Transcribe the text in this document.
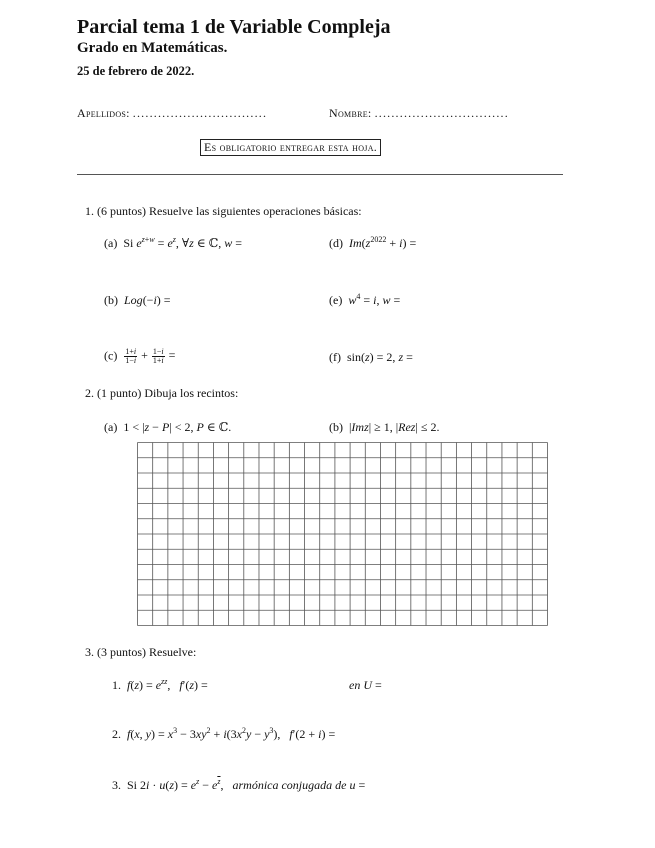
Parcial tema 1 de Variable Compleja
Grado en Matemáticas.
25 de febrero de 2022.
Apellidos: ................................	Nombre: ................................
Es obligatorio entregar esta hoja.
1. (6 puntos) Resuelve las siguientes operaciones básicas:
(a) Si $e^{z+w} = e^z$, ∀z ∈ ℂ, w =	(d) $Im(z^{2022} + i)$ =
(b) Log(−i) =	(e) $w^4 = i$, w =
$(c) \frac{1+i}{1-i} + \frac{1-i}{1+i}$ =	(f) sin(z) = 2, z =
2. (1 punto) Dibuja los recintos:
(a) 1 < |z − P| < 2, P ∈ ℂ.	(b) |Imz| ≥ 1, |Rez| ≤ 2.
3. (3 puntos) Resuelve:
1. $f(z) = e^{zz}$,   f′(z) =	en U =
2. f(x, $y) = x^3 - 3xy^2 + i(3x^2y - y^3)$,   f′(2 + i) =
3. Si $2i \cdot u(z) = e^z - e^{\overline{z}}$,   armónica conjugada de u =
